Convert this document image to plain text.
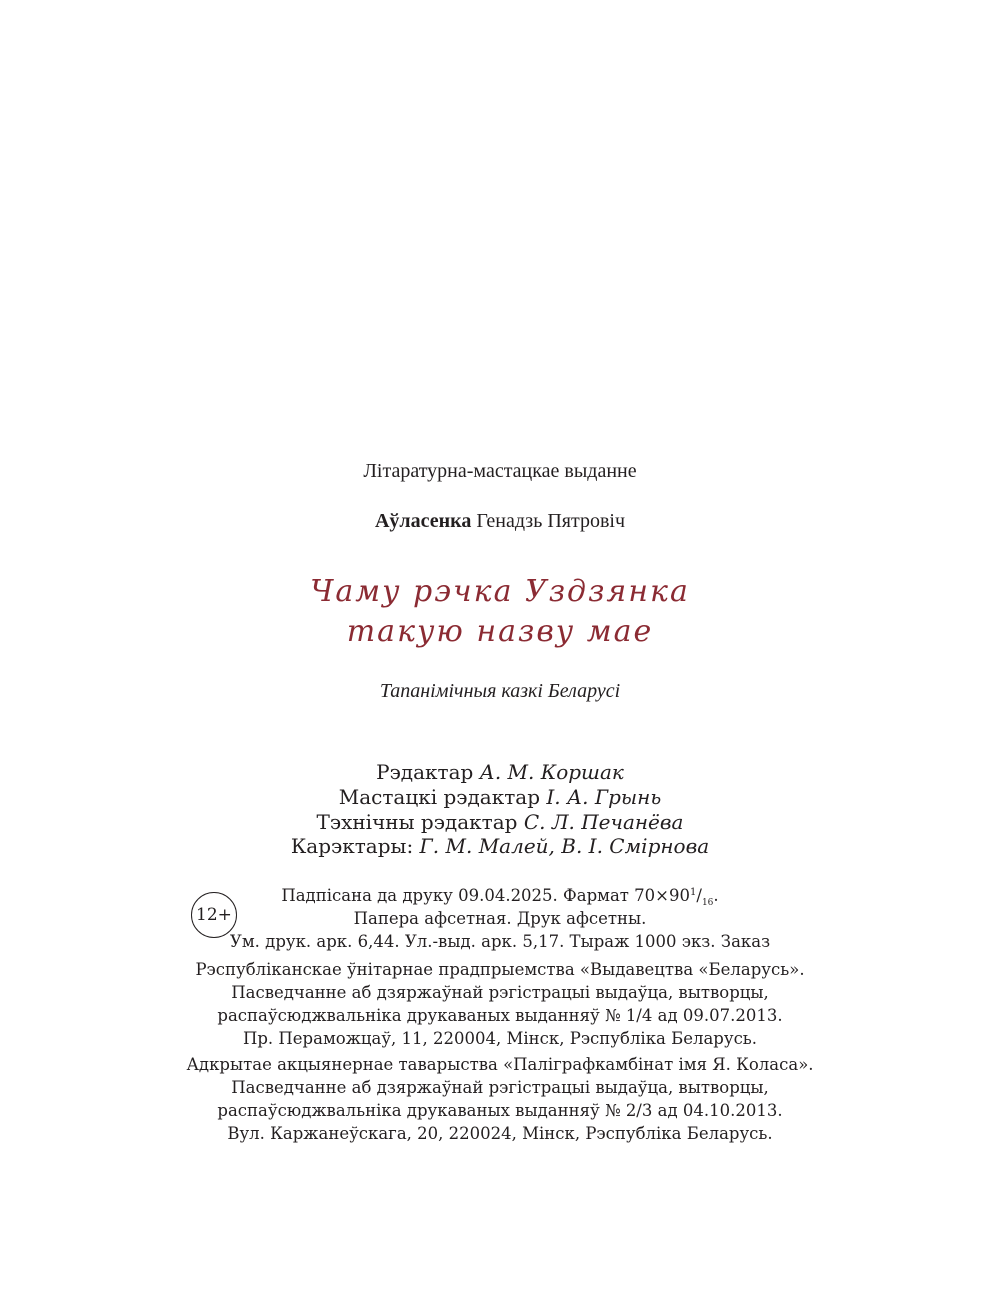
Літаратурна-мастацкае выданне
Аўласенка Генадзь Пятровіч
Чаму рэчка Уздзянка
такую назву мае
Тапанімічныя казкі Беларусі
Рэдактар А. М. Коршак
Мастацкі рэдактар І. А. Грынь
Тэхнічны рэдактар С. Л. Печанёва
Карэктары: Г. М. Малей, В. І. Смірнова
12+
Падпісана да друку 09.04.2025. Фармат $70\times 90^1/_{16}$.
Папера афсетная. Друк афсетны.
Ум. друк. арк. 6,44. Ул.-выд. арк. 5,17. Тыраж 1000 экз. Заказ
Рэспубліканскае ўнітарнае прадпрыемства «Выдавецтва «Беларусь».
Пасведчанне аб дзяржаўнай рэгістрацыі выдаўца, вытворцы,
распаўсюджвальніка друкаваных выданняў № 1/4 ад 09.07.2013.
Пр. Пераможцаў, 11, 220004, Мінск, Рэспубліка Беларусь.
Адкрытае акцыянернае таварыства «Паліграфкамбінат імя Я. Коласа».
Пасведчанне аб дзяржаўнай рэгістрацыі выдаўца, вытворцы,
распаўсюджвальніка друкаваных выданняў № 2/3 ад 04.10.2013.
Вул. Каржанеўскага, 20, 220024, Мінск, Рэспубліка Беларусь.
